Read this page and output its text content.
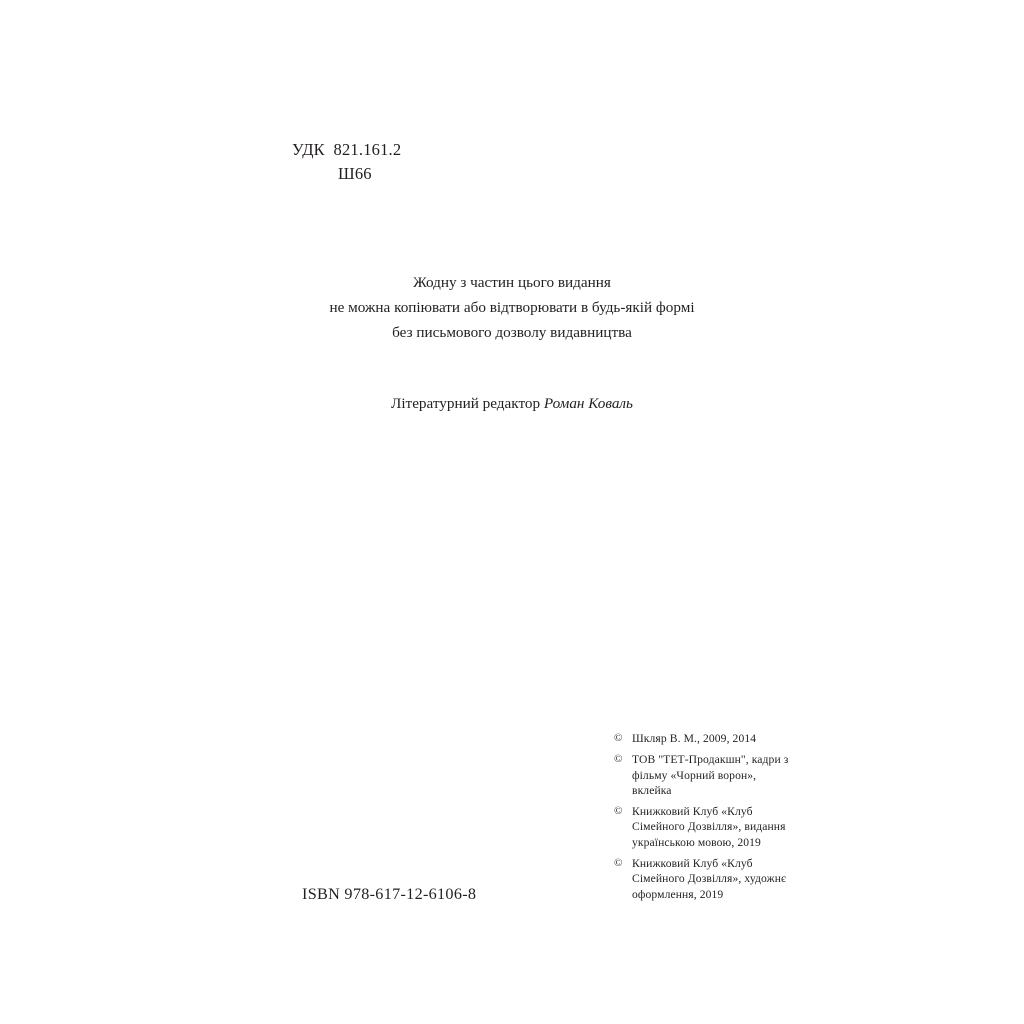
УДК  821.161.2
Ш66
Жодну з частин цього видання
не можна копіювати або відтворювати в будь-якій формі
без письмового дозволу видавництва
Літературний редактор Роман Коваль
© Шкляр В. М., 2009, 2014
© ТОВ "ТЕТ-Продакшн", кадри з фільму «Чорний ворон», вклейка
© Книжковий Клуб «Клуб Сімейного Дозвілля», видання українською мовою, 2019
© Книжковий Клуб «Клуб Сімейного Дозвілля», художнє оформлення, 2019
ISBN 978-617-12-6106-8
